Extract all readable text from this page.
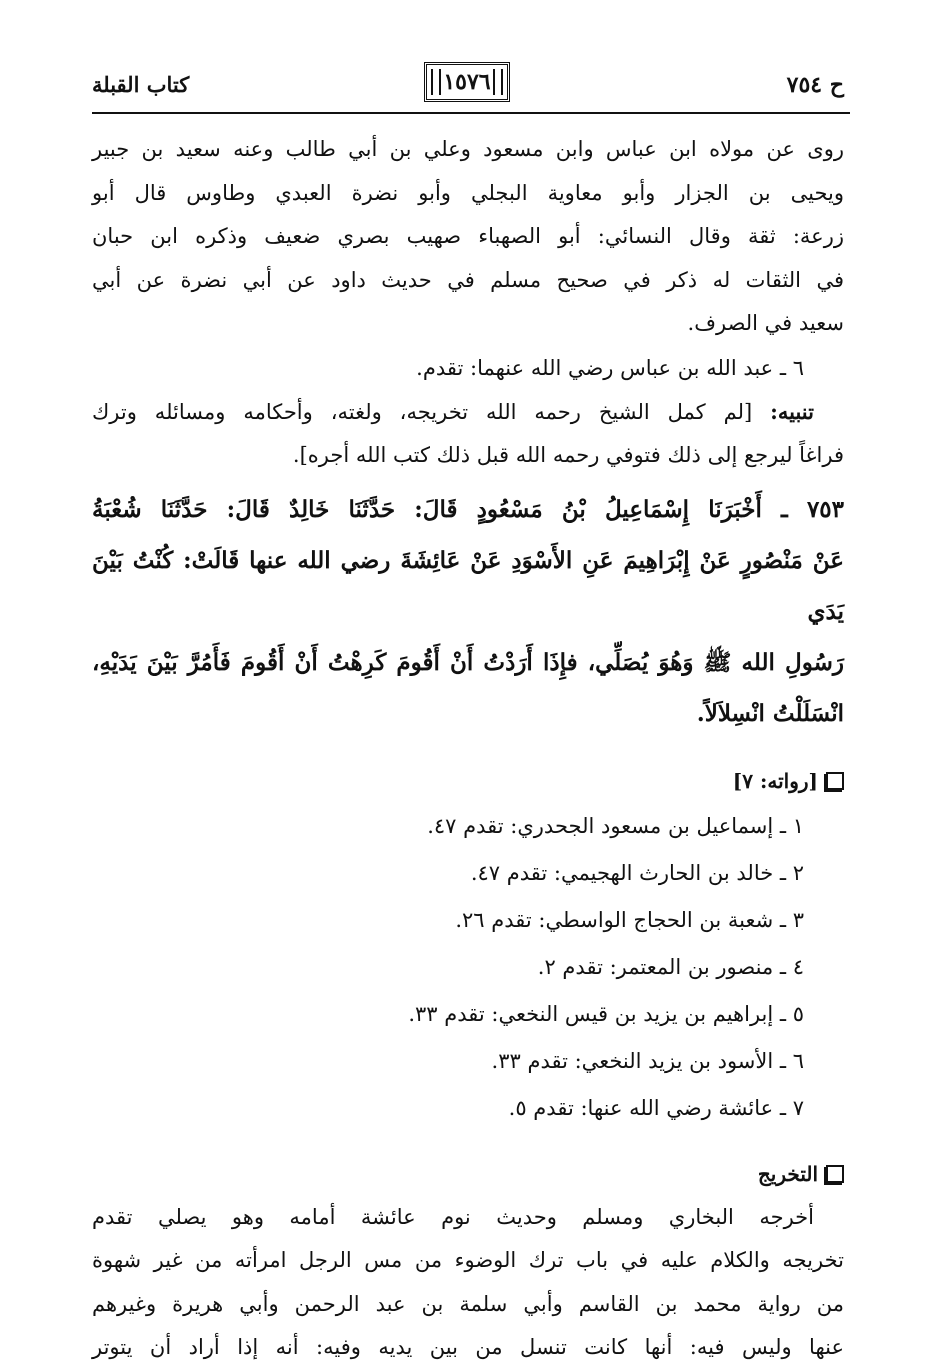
ح ٧٥٤
١٥٧٦
كتاب القبلة

روى عن مولاه ابن عباس وابن مسعود وعلي بن أبي طالب وعنه سعيد بن جبير

ويحيى بن الجزار وأبو معاوية البجلي وأبو نضرة العبدي وطاوس قال أبو

زرعة: ثقة وقال النسائي: أبو الصهباء صهيب بصري ضعيف وذكره ابن حبان

في الثقات له ذكر في صحيح مسلم في حديث داود عن أبي نضرة عن أبي

سعيد في الصرف.

٦ ـ عبد الله بن عباس رضي الله عنهما: تقدم.

تنبيه: [لم كمل الشيخ رحمه الله تخريجه، ولغته، وأحكامه ومسائله وترك

فراغاً ليرجع إلى ذلك فتوفي رحمه الله قبل ذلك كتب الله أجره].

٧٥٣ ـ أَخْبَرَنَا إِسْمَاعِيلُ بْنُ مَسْعُودٍ قَالَ: حَدَّثَنَا خَالِدٌ قَالَ: حَدَّثَنَا شُعْبَةُ

عَنْ مَنْصُورٍ عَنْ إِبْرَاهِيمَ عَنِ الأَسْوَدِ عَنْ عَائِشَةَ رضي الله عنها قَالَتْ: كُنْتُ بَيْنَ يَدَي

رَسُولِ الله ﷺ وَهُوَ يُصَلِّي، فإِذَا أَرَدْتُ أَنْ أَقُومَ كَرِهْتُ أَنْ أَقُومَ فَأَمُرَّ بَيْنَ يَدَيْهِ،

انْسَلَلْتُ انْسِلاَلاً.

[رواته: ٧]

١ ـ إسماعيل بن مسعود الجحدري: تقدم ٤٧.

٢ ـ خالد بن الحارث الهجيمي: تقدم ٤٧.

٣ ـ شعبة بن الحجاج الواسطي: تقدم ٢٦.

٤ ـ منصور بن المعتمر: تقدم ٢.

٥ ـ إبراهيم بن يزيد بن قيس النخعي: تقدم ٣٣.

٦ ـ الأسود بن يزيد النخعي: تقدم ٣٣.

٧ ـ عائشة رضي الله عنها: تقدم ٥.

التخريج

أخرجه البخاري ومسلم وحديث نوم عائشة أمامه وهو يصلي تقدم

تخريجه والكلام عليه في باب ترك الوضوء من مس الرجل امرأته من غير شهوة

من رواية محمد بن القاسم وأبي سلمة بن عبد الرحمن وأبي هريرة وغيرهم

عنها وليس فيه: أنها كانت تنسل من بين يديه وفيه: أنه إذا أراد أن يتوتر
